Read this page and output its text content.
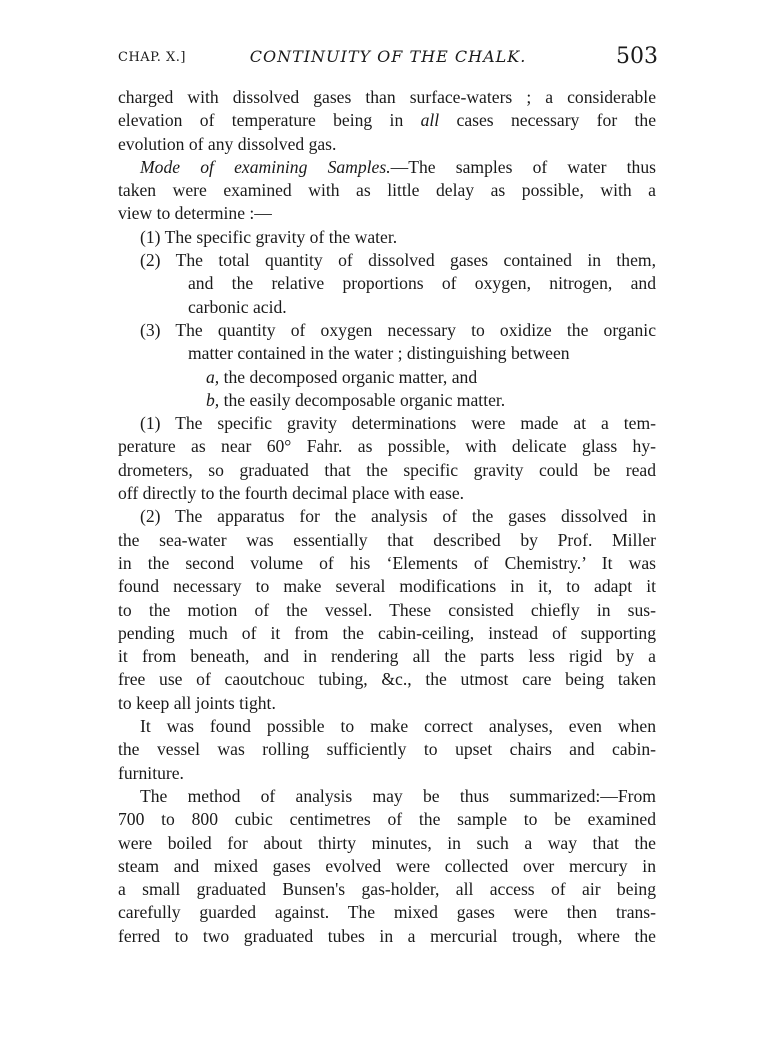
CHAP. X.]	CONTINUITY OF THE CHALK.	503
charged with dissolved gases than surface-waters ; a considerable
elevation of temperature being in all cases necessary for the
evolution of any dissolved gas.
Mode of examining Samples.—The samples of water thus
taken were examined with as little delay as possible, with a
view to determine :—
(1) The specific gravity of the water.
(2) The total quantity of dissolved gases contained in them,
and the relative proportions of oxygen, nitrogen, and
carbonic acid.
(3) The quantity of oxygen necessary to oxidize the organic
matter contained in the water ; distinguishing between
a, the decomposed organic matter, and
b, the easily decomposable organic matter.
(1) The specific gravity determinations were made at a tem-
perature as near 60° Fahr. as possible, with delicate glass hy-
drometers, so graduated that the specific gravity could be read
off directly to the fourth decimal place with ease.
(2) The apparatus for the analysis of the gases dissolved in
the sea-water was essentially that described by Prof. Miller
in the second volume of his ‘Elements of Chemistry.’ It was
found necessary to make several modifications in it, to adapt it
to the motion of the vessel. These consisted chiefly in sus-
pending much of it from the cabin-ceiling, instead of supporting
it from beneath, and in rendering all the parts less rigid by a
free use of caoutchouc tubing, &c., the utmost care being taken
to keep all joints tight.
It was found possible to make correct analyses, even when
the vessel was rolling sufficiently to upset chairs and cabin-
furniture.
The method of analysis may be thus summarized:—From
700 to 800 cubic centimetres of the sample to be examined
were boiled for about thirty minutes, in such a way that the
steam and mixed gases evolved were collected over mercury in
a small graduated Bunsen's gas-holder, all access of air being
carefully guarded against. The mixed gases were then trans-
ferred to two graduated tubes in a mercurial trough, where the
